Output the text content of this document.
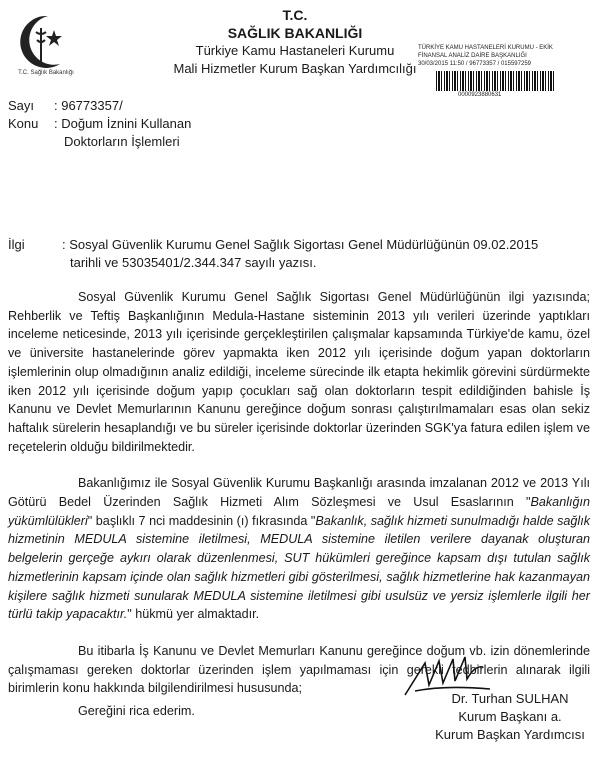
T.C. Sağlık Bakanlığı
T.C.
SAĞLIK BAKANLIĞI
Türkiye Kamu Hastaneleri Kurumu
Mali Hizmetler Kurum Başkan Yardımcılığı
TÜRKİYE KAMU HASTANELERİ KURUMU - EKİK
FİNANSAL ANALİZ DAİRE BAŞKANLIĞI
30/03/2015 11:50 / 96773357 / 015597259
0000923880631
Sayı : 96773357/
Konu : Doğum İznini Kullanan
Doktorların İşlemleri
İlgi	: Sosyal Güvenlik Kurumu Genel Sağlık Sigortası Genel Müdürlüğünün 09.02.2015
tarihli ve 53035401/2.344.347 sayılı yazısı.

Sosyal Güvenlik Kurumu Genel Sağlık Sigortası Genel Müdürlüğünün ilgi yazısında; Rehberlik ve Teftiş Başkanlığının Medula-Hastane sisteminin 2013 yılı verileri üzerinde yaptıkları inceleme neticesinde, 2013 yılı içerisinde gerçekleştirilen çalışmalar kapsamında Türkiye'de kamu, özel ve üniversite hastanelerinde görev yapmakta iken 2012 yılı içerisinde doğum yapan doktorların işlemlerinin olup olmadığının analiz edildiği, inceleme sürecinde ilk etapta hekimlik görevini sürdürmekte iken 2012 yılı içerisinde doğum yapıp çocukları sağ olan doktorların tespit edildiğinden bahisle İş Kanunu ve Devlet Memurlarının Kanunu gereğince doğum sonrası çalıştırılmamaları esas olan sekiz haftalık sürelerin hesaplandığı ve bu süreler içerisinde doktorlar üzerinden SGK'ya fatura edilen işlem ve reçetelerin olduğu bildirilmektedir.

Bakanlığımız ile Sosyal Güvenlik Kurumu Başkanlığı arasında imzalanan 2012 ve 2013 Yılı Götürü Bedel Üzerinden Sağlık Hizmeti Alım Sözleşmesi ve Usul Esaslarının "Bakanlığın yükümlülükleri" başlıklı 7 nci maddesinin (ı) fıkrasında "Bakanlık, sağlık hizmeti sunulmadığı halde sağlık hizmetinin MEDULA sistemine iletilmesi, MEDULA sistemine iletilen verilere dayanak oluşturan belgelerin gerçeğe aykırı olarak düzenlenmesi, SUT hükümleri gereğince kapsam dışı tutulan sağlık hizmetlerinin kapsam içinde olan sağlık hizmetleri gibi gösterilmesi, sağlık hizmetlerine hak kazanmayan kişilere sağlık hizmeti sunularak MEDULA sistemine iletilmesi gibi usulsüz ve yersiz işlemlerle ilgili her türlü takip yapacaktır." hükmü yer almaktadır.

Bu itibarla İş Kanunu ve Devlet Memurları Kanunu gereğince doğum vb. izin dönemlerinde çalışmaması gereken doktorlar üzerinden işlem yapılmaması için gerekli tedbirlerin alınarak ilgili birimlerin konu hakkında bilgilendirilmesi hususunda;

Gereğini rica ederim.

Dr. Turhan SULHAN
Kurum Başkanı a.
Kurum Başkan Yardımcısı
